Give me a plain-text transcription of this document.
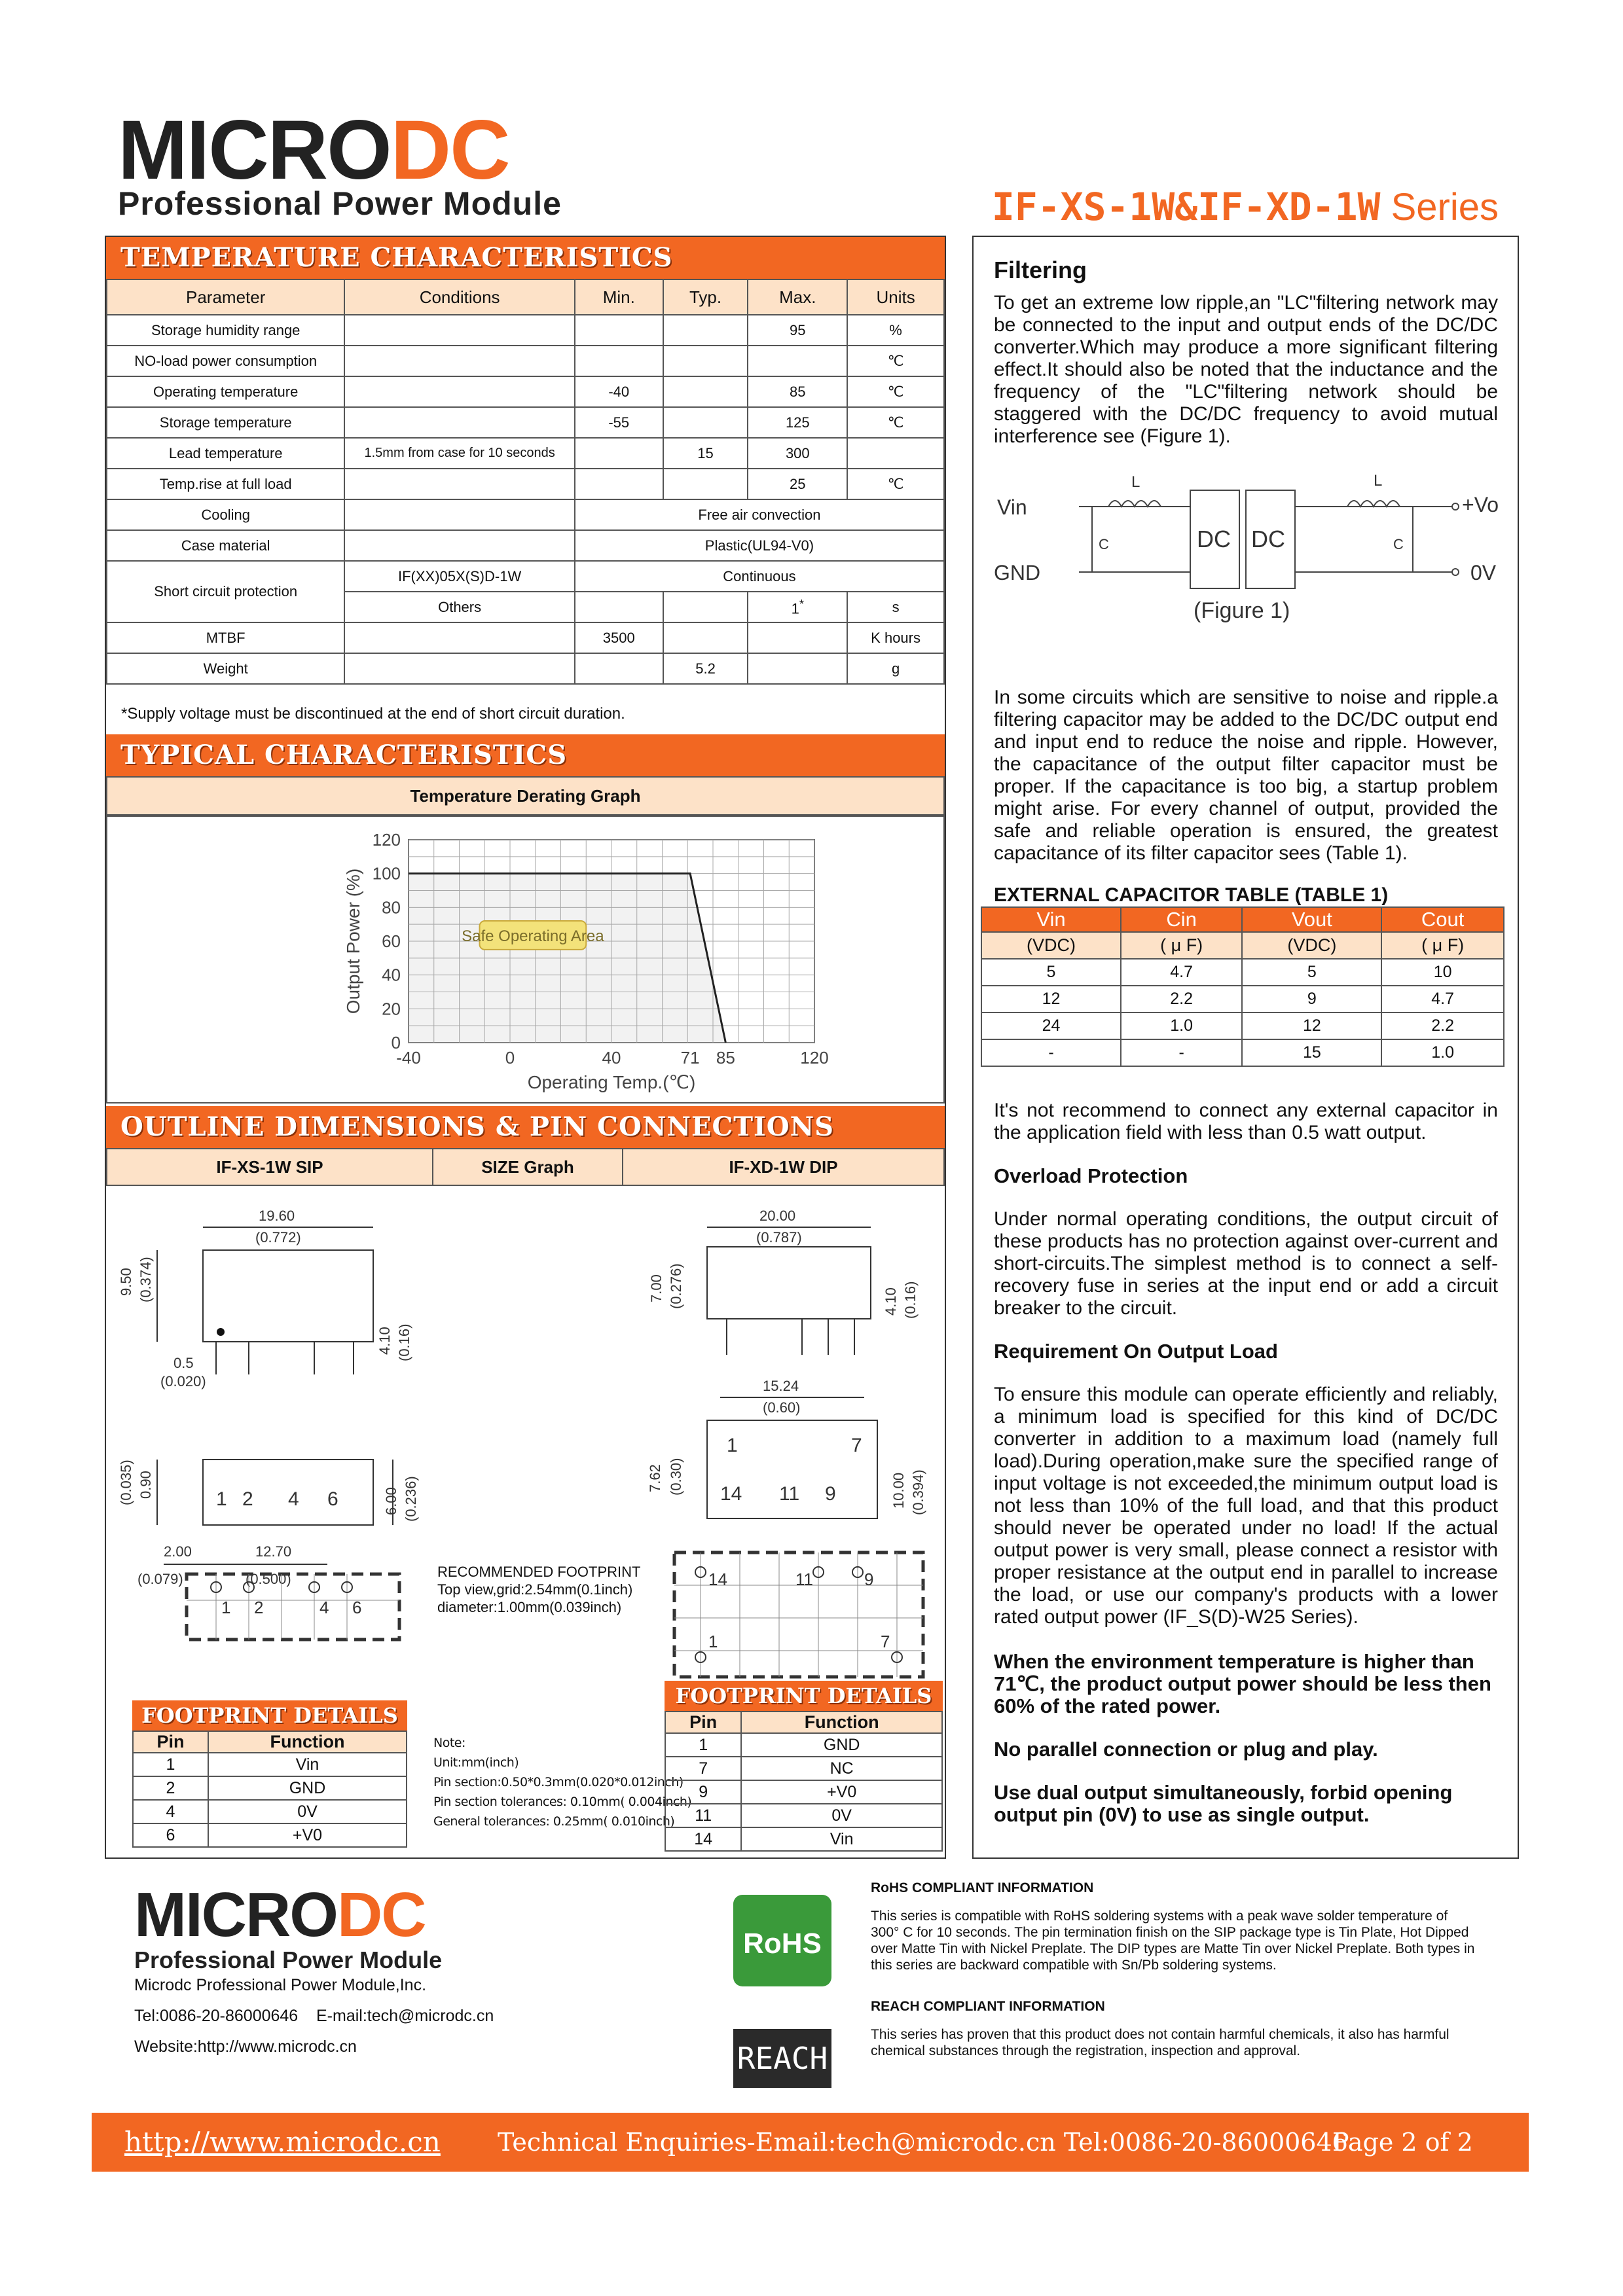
MICRODC
Professional Power Module	IF-XS-1W&IF-XD-1W Series
TEMPERATURE CHARACTERISTICS
Parameter	Conditions	Min.	Typ.	Max.	Units
Storage humidity range				95	%
NO-load power consumption					℃
Operating temperature		-40		85	℃
Storage temperature		-55		125	℃
Lead temperature	1.5mm from case for 10 seconds		15	300	
Temp.rise at full load				25	℃
Cooling		Free air convection			
Case material		Plastic(UL94-V0)			
Short circuit protection	IF(XX)05X(S)D-1W	Continuous			
	Others			1*	s
MTBF		3500			K hours
Weight			5.2		g
*Supply voltage must be discontinued at the end of short circuit duration.
TYPICAL CHARACTERISTICS
Temperature Derating Graph
0
20
40
60
80
100
120
-40	0	40	71 85	120
Safe Operating Area
Operating Temp.(℃)
Output Power (%)
OUTLINE DIMENSIONS & PIN CONNECTIONS
IF-XS-1W SIP	SIZE Graph	IF-XD-1W DIP
19.60
(0.772)
9.50 (0.374)
4.10 (0.16)
0.5
(0.020)
0.90
(0.035)	6.00 (0.236)
1 2 4 6
2.00
(0.079)
12.70
(0.500)
1 2	4 6
20.00
(0.787)
7.00 (0.276)	4.10 (0.16)
15.24
(0.60)
7.62 (0.30)	10.00 (0.394)
1	7
14 11 9
14	11	9
1	7
RECOMMENDED FOOTPRINT
Top view,grid:2.54mm(0.1inch)
diameter:1.00mm(0.039inch)
Note:
Unit:mm(inch)
Pin section:0.50*0.3mm(0.020*0.012inch)
Pin section tolerances: 0.10mm( 0.004inch)
General tolerances: 0.25mm( 0.010inch)
FOOTPRINT DETAILS
Pin	Function
1	Vin
2	GND
4	0V
6	+V0
FOOTPRINT DETAILS
Pin	Function
1	GND
7	NC
9	+V0
11	0V
14	Vin
Filtering
To get an extreme low ripple,an "LC"filtering network may be connected to the input and output ends of the DC/DC converter.Which may produce a more significant filtering effect.It should also be noted that the inductance and the frequency of the "LC"filtering network should be staggered with the DC/DC frequency to avoid mutual interference see (Figure 1).
Vin
GND
+Vo
0V
L	L
C	C
DC DC
(Figure 1)
In some circuits which are sensitive to noise and ripple.a filtering capacitor may be added to the DC/DC output end and input end to reduce the noise and ripple. However, the capacitance of the output filter capacitor must be proper. If the capacitance is too big, a startup problem might arise. For every channel of output, provided the safe and reliable operation is ensured, the greatest capacitance of its filter capacitor sees (Table 1).
EXTERNAL CAPACITOR TABLE (TABLE 1)
Vin	Cin	Vout	Cout
(VDC)	( μ F)	(VDC)	( μ F)
5	4.7	5	10
12	2.2	9	4.7
24	1.0	12	2.2
-	-	15	1.0
It's not recommend to connect any external capacitor in the application field with less than 0.5 watt output.
Overload Protection
Under normal operating conditions, the output circuit of these products has no protection against over-current and short-circuits.The simplest method is to connect a self-recovery fuse in series at the input end or add a circuit breaker to the circuit.
Requirement On Output Load
To ensure this module can operate efficiently and reliably, a minimum load is specified for this kind of DC/DC converter in addition to a maximum load (namely full load).During operation,make sure the specified range of input voltage is not exceeded,the minimum output load is not less than 10% of the full load, and that this product should never be operated under no load! If the actual output power is very small, please connect a resistor with proper resistance at the output end in parallel to increase the load, or use our company's products with a lower rated output power (IF_S(D)-W25 Series).
When the environment temperature is higher than 71℃, the product output power should be less then 60% of the rated power.
No parallel connection or plug and play.
Use dual output simultaneously, forbid opening output pin (0V) to use as single output.
MICRODC
Professional Power Module
Microdc Professional Power Module,Inc.
Tel:0086-20-86000646    E-mail:tech@microdc.cn
Website:http://www.microdc.cn
RoHS
REACH
RoHS COMPLIANT INFORMATION
This series is compatible with RoHS soldering systems with a peak wave solder temperature of 300° C for 10 seconds. The pin termination finish on the SIP package type is Tin Plate, Hot Dipped over Matte Tin with Nickel Preplate. The DIP types are Matte Tin over Nickel Preplate. Both types in this series are backward compatible with Sn/Pb soldering systems.
REACH COMPLIANT INFORMATION
This series has proven that this product does not contain harmful chemicals, it also has harmful chemical substances through the registration, inspection and approval.
http://www.microdc.cn Technical Enquiries-Email:tech@microdc.cn Tel:0086-20-86000646
Page 2 of 2
